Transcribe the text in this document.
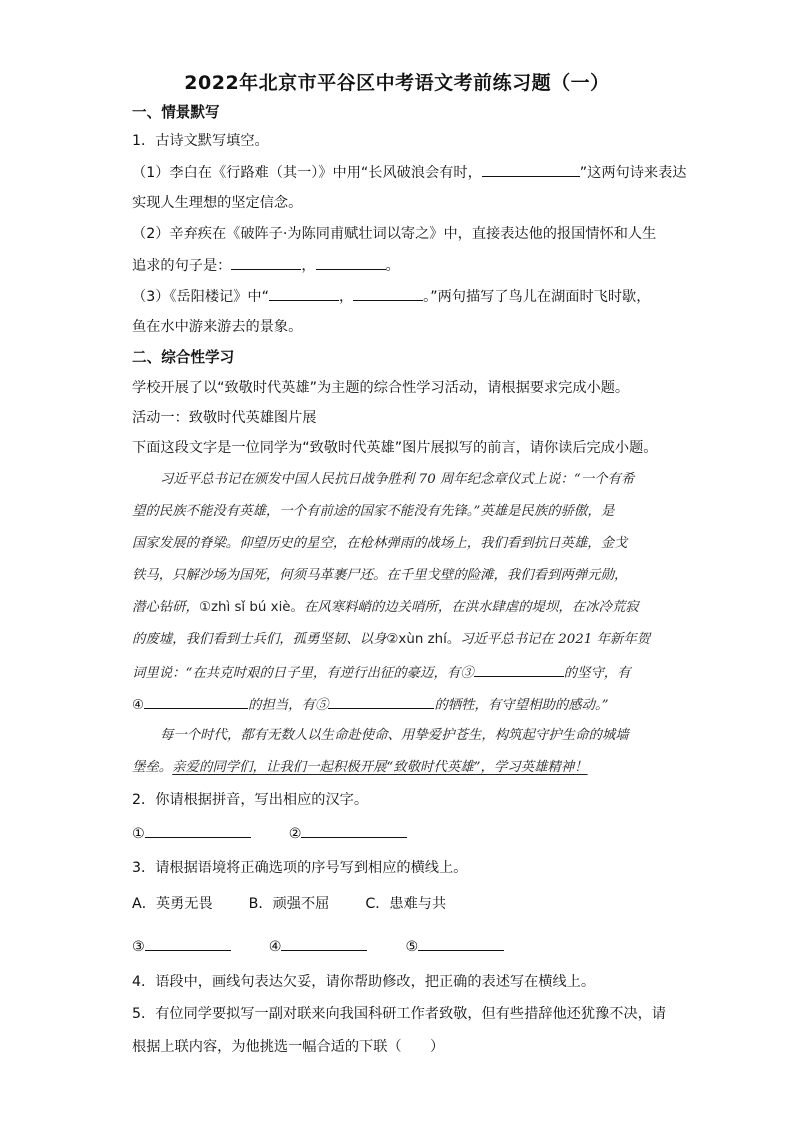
2022年北京市平谷区中考语文考前练习题（一）
一、情景默写
1．古诗文默写填空。
（1）李白在《行路难（其一）》中用“长风破浪会有时，	”这两句诗来表达
实现人生理想的坚定信念。
（2）辛弃疾在《破阵子·为陈同甫赋壮词以寄之》中，直接表达他的报国情怀和人生
追求的句子是：	，	。
（3）《岳阳楼记》中“	，	。”两句描写了鸟儿在湖面时飞时歇，
鱼在水中游来游去的景象。
二、综合性学习
学校开展了以“致敬时代英雄”为主题的综合性学习活动，请根据要求完成小题。
活动一：致敬时代英雄图片展
下面这段文字是一位同学为“致敬时代英雄”图片展拟写的前言，请你读后完成小题。
习近平总书记在颁发中国人民抗日战争胜利 70 周年纪念章仪式上说：“一个有希
望的民族不能没有英雄，一个有前途的国家不能没有先锋。”英雄是民族的骄傲，是
国家发展的脊梁。仰望历史的星空，在枪林弹雨的战场上，我们看到抗日英雄，金戈
铁马，只解沙场为国死，何须马革裹尸还。在千里戈壁的险滩，我们看到两弹元勋，
潜心钻研，①zhì sǐ bú xiè。在风寒料峭的边关哨所，在洪水肆虐的堤坝，在冰冷荒寂
的废墟，我们看到士兵们，孤勇坚韧、以身②xùn zhí。习近平总书记在 2021 年新年贺
词里说：“在共克时艰的日子里，有逆行出征的豪迈，有③	的坚守，有
④	的担当，有⑤	的牺牲，有守望相助的感动。”
每一个时代，都有无数人以生命赴使命、用挚爱护苍生，构筑起守护生命的城墙
堡垒。亲爱的同学们，让我们一起积极开展“致敬时代英雄”，学习英雄精神！
2．你请根据拼音，写出相应的汉字。
①	②
3．请根据语境将正确选项的序号写到相应的横线上。
A．英勇无畏	B．顽强不屈	C．患难与共
③	④	⑤
4．语段中，画线句表达欠妥，请你帮助修改，把正确的表述写在横线上。
5．有位同学要拟写一副对联来向我国科研工作者致敬，但有些措辞他还犹豫不决，请
根据上联内容，为他挑选一幅合适的下联（　　）
